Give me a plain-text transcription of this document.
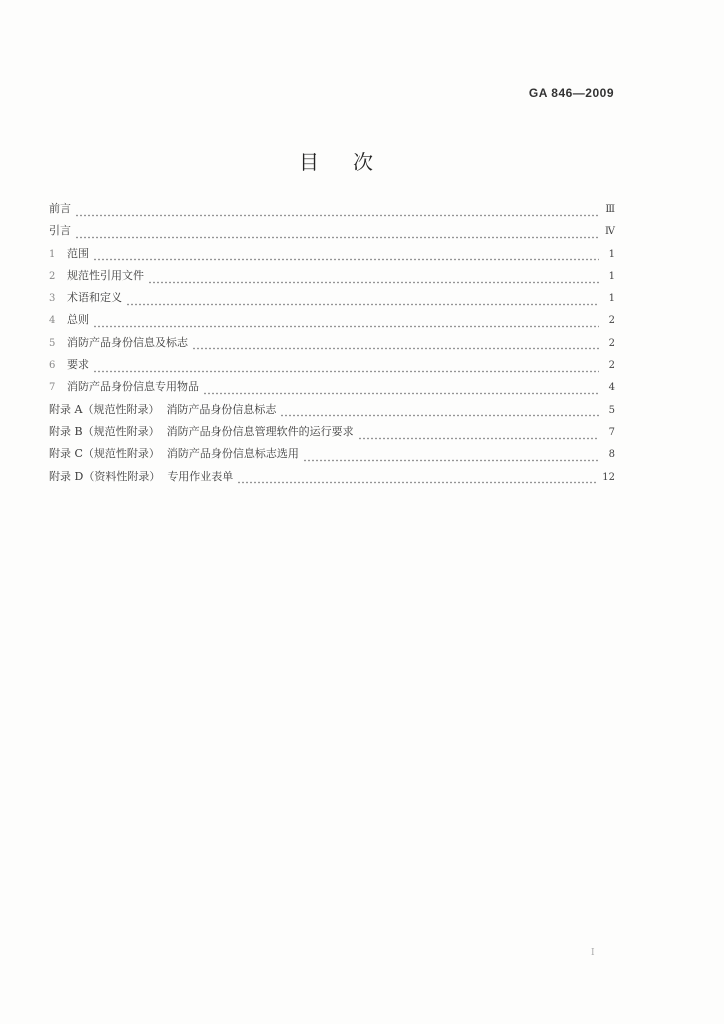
GA 846—2009
目次
前言	Ⅲ
引言	Ⅳ
1	范围	1
2	规范性引用文件	1
3	术语和定义	1
4	总则	2
5	消防产品身份信息及标志	2
6	要求	2
7	消防产品身份信息专用物品	4
附录 A（规范性附录） 消防产品身份信息标志	5
附录 B（规范性附录） 消防产品身份信息管理软件的运行要求	7
附录 C（规范性附录） 消防产品身份信息标志选用	8
附录 D（资料性附录） 专用作业表单	12
I
